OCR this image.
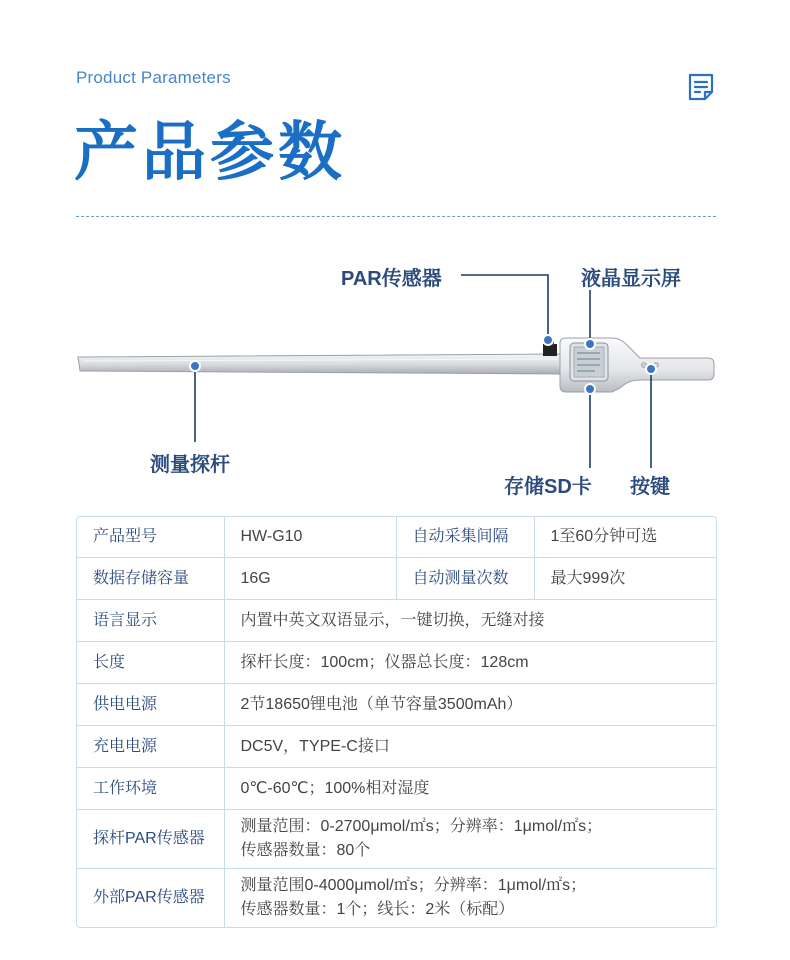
Product Parameters
产品参数
PAR传感器	液晶显示屏
测量探杆
存储SD卡 按键
产品型号	HW-G10	自动采集间隔	1至60分钟可选
数据存储容量	16G	自动测量次数	最大999次
语言显示	内置中英文双语显示，一键切换，无缝对接		
长度	探杆长度：100cm；仪器总长度：128cm		
供电电源	2节18650锂电池（单节容量3500mAh）		
充电电源	DC5V，TYPE-C接口		
工作环境	0℃-60℃；100%相对湿度		
探杆PAR传感器	测量范围：0-2700μmol/㎡s；分辨率：1μmol/㎡s；
传感器数量：80个		

外部PAR传感器	测量范围0-4000μmol/㎡s；分辨率：1μmol/㎡s；
传感器数量：1个；线长：2米（标配）		
